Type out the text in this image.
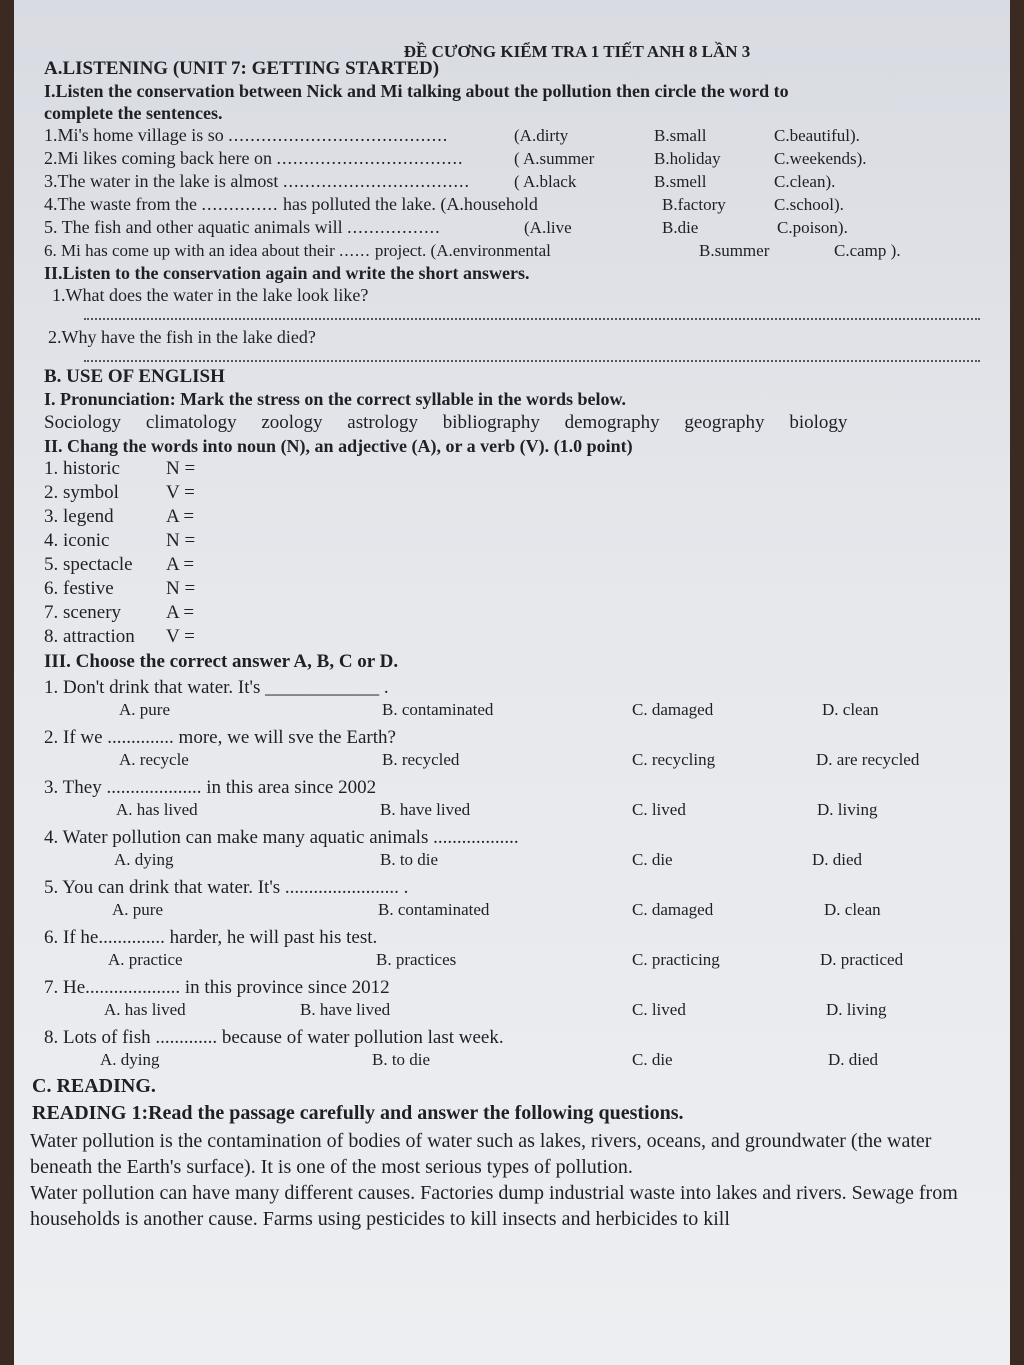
ĐỀ CƯƠNG KIỂM TRA 1 TIẾT ANH 8 LẦN 3
A.LISTENING (UNIT 7: GETTING STARTED)
I.Listen the conservation between Nick and Mi talking about the pollution then circle the word to
complete the sentences.
1.Mi's home village is so ........................................	(A.dirty	B.small	C.beautiful).
2.Mi likes coming back here on ..................................	( A.summer	B.holiday	C.weekends).
3.The water in the lake is almost ..................................	( A.black	B.smell	C.clean).
4.The waste from the .............. has polluted the lake. (A.household	B.factory	C.school).
5. The fish and other aquatic animals will .................	(A.live	B.die	C.poison).
6. Mi has come up with an idea about their ...... project. (A.environmental	B.summer	C.camp ).
II.Listen to the conservation again and write the short answers.
1.What does the water in the lake look like?
2.Why have the fish in the lake died?
B. USE OF ENGLISH
I. Pronunciation: Mark the stress on the correct syllable in the words below.
Sociology climatology zoology astrology bibliography demography geography biology
II. Chang the words into noun (N), an adjective (A), or a verb (V). (1.0 point)
1. historic N =
2. symbol V =
3. legend	A =
4. iconic	N =
5. spectacle A =
6. festive	N =
7. scenery A =
8. attraction V =
III. Choose the correct answer A, B, C or D.
1. Don't drink that water. It's ____________ .
A. pure	B. contaminated	C. damaged	D. clean
2. If we .............. more, we will sve the Earth?
A. recycle	B. recycled	C. recycling	D. are recycled
3. They .................... in this area since 2002
A. has lived	B. have lived	C. lived	D. living
4. Water pollution can make many aquatic animals ..................
A. dying	B. to die	C. die	D. died
5. You can drink that water. It's ........................ .
A. pure	B. contaminated	C. damaged	D. clean
6. If he.............. harder, he will past his test.
A. practice	B. practices	C. practicing	D. practiced
7. He.................... in this province since 2012
A. has lived	B. have lived	C. lived	D. living
8. Lots of fish ............. because of water pollution last week.
A. dying	B. to die	C. die	D. died
C. READING.
READING 1:Read the passage carefully and answer the following questions.
Water pollution is the contamination of bodies of water such as lakes, rivers, oceans, and groundwater (the water beneath the Earth's surface). It is one of the most serious types of pollution.
Water pollution can have many different causes. Factories dump industrial waste into lakes and rivers. Sewage from households is another cause. Farms using pesticides to kill insects and herbicides to kill
